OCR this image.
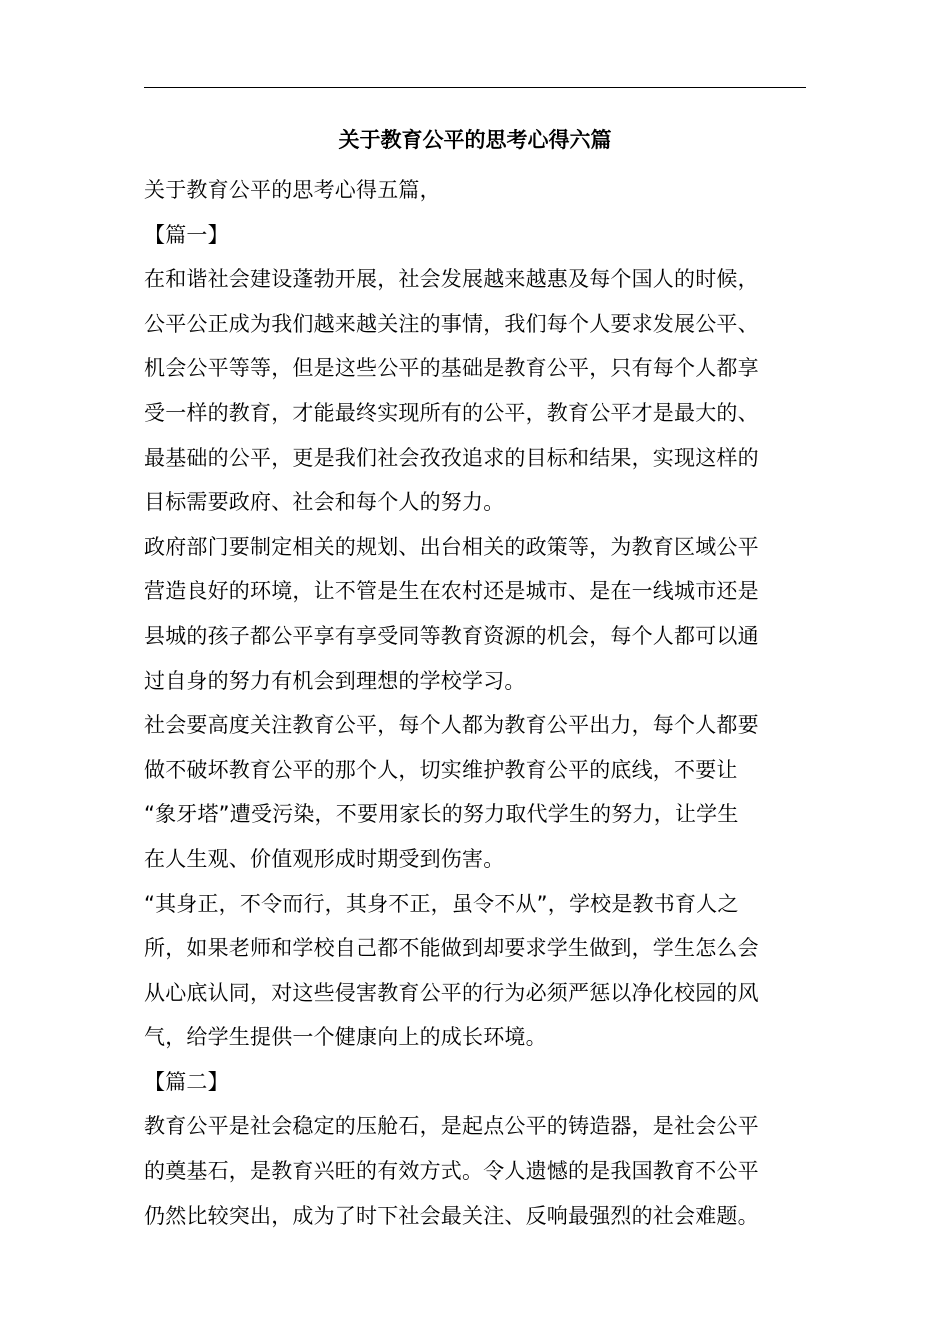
关于教育公平的思考心得六篇
关于教育公平的思考心得五篇，
【篇一】
在和谐社会建设蓬勃开展，社会发展越来越惠及每个国人的时候，
公平公正成为我们越来越关注的事情，我们每个人要求发展公平、
机会公平等等，但是这些公平的基础是教育公平，只有每个人都享
受一样的教育，才能最终实现所有的公平，教育公平才是最大的、
最基础的公平，更是我们社会孜孜追求的目标和结果，实现这样的
目标需要政府、社会和每个人的努力。
政府部门要制定相关的规划、出台相关的政策等，为教育区域公平
营造良好的环境，让不管是生在农村还是城市、是在一线城市还是
县城的孩子都公平享有享受同等教育资源的机会，每个人都可以通
过自身的努力有机会到理想的学校学习。
社会要高度关注教育公平，每个人都为教育公平出力，每个人都要
做不破坏教育公平的那个人，切实维护教育公平的底线，不要让
“象牙塔”遭受污染，不要用家长的努力取代学生的努力，让学生
在人生观、价值观形成时期受到伤害。
“其身正，不令而行，其身不正，虽令不从”，学校是教书育人之
所，如果老师和学校自己都不能做到却要求学生做到，学生怎么会
从心底认同，对这些侵害教育公平的行为必须严惩以净化校园的风
气，给学生提供一个健康向上的成长环境。
【篇二】
教育公平是社会稳定的压舱石，是起点公平的铸造器，是社会公平
的奠基石，是教育兴旺的有效方式。令人遗憾的是我国教育不公平
仍然比较突出，成为了时下社会最关注、反响最强烈的社会难题。
